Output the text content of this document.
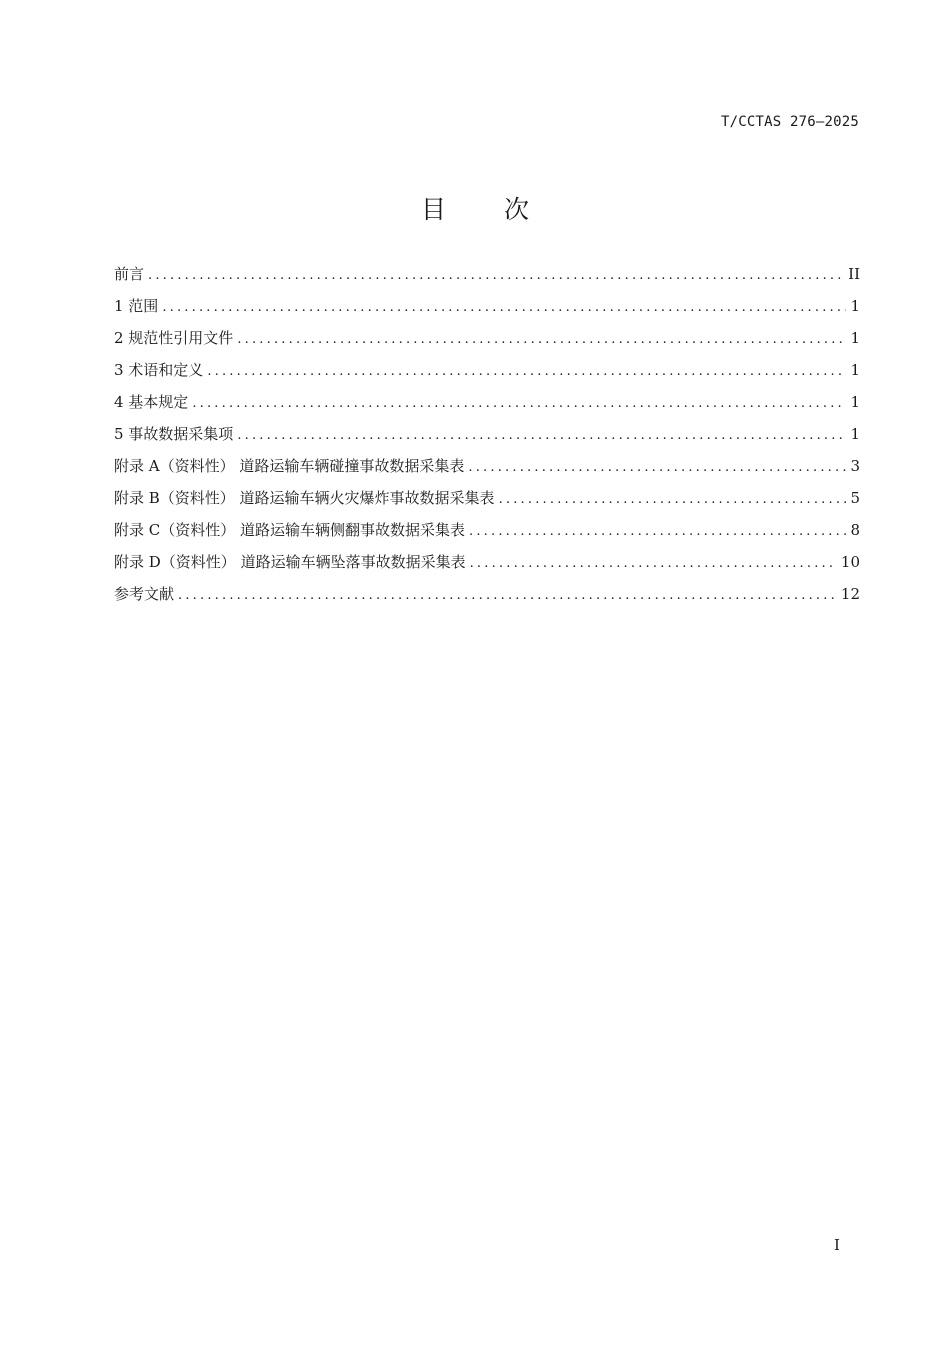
T/CCTAS 276—2025
目次
前言 .....	II
1 范围 .....	1
2 规范性引用文件 .....	1
3 术语和定义 .....	1
4 基本规定 .....	1
5 事故数据采集项 .....	1
附录 A（资料性） 道路运输车辆碰撞事故数据采集表 .....	3
附录 B（资料性） 道路运输车辆火灾爆炸事故数据采集表 .....	5
附录 C（资料性） 道路运输车辆侧翻事故数据采集表 .....	8
附录 D（资料性） 道路运输车辆坠落事故数据采集表 .....	10
参考文献 .....	12
I
